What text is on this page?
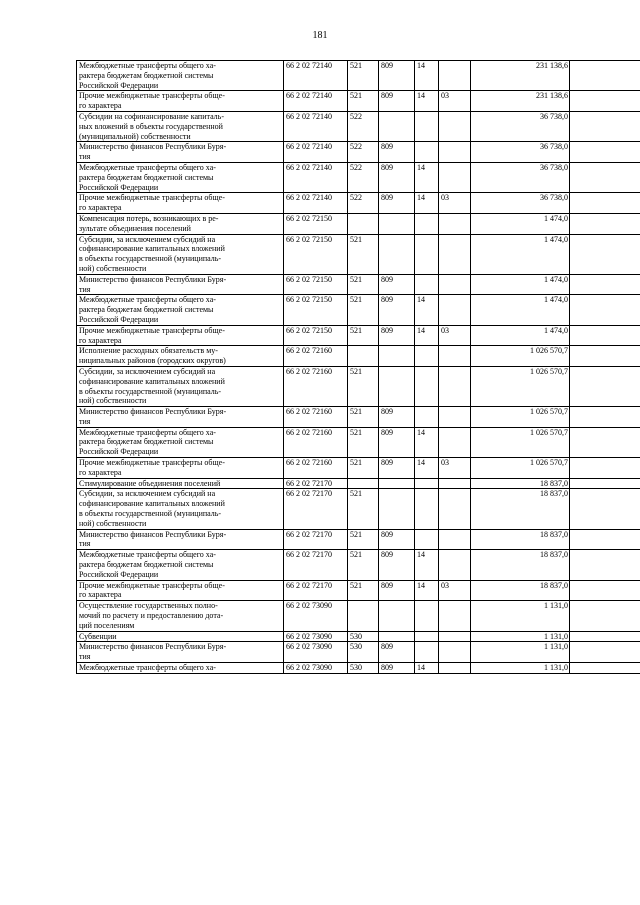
181
Межбюджетные трансферты общего ха-
рактера бюджетам бюджетной системы
Российской Федерации	66 2 02 72140	521	809	14		231 138,6	

Прочие межбюджетные трансферты обще-
го характера	66 2 02 72140	521	809	14	03	231 138,6	

Субсидии на софинансирование капиталь-
ных вложений в объекты государственной
(муниципальной) собственности	66 2 02 72140	522				36 738,0	

Министерство финансов Республики Буря-
тия	66 2 02 72140	522	809			36 738,0	

Межбюджетные трансферты общего ха-
рактера бюджетам бюджетной системы
Российской Федерации	66 2 02 72140	522	809	14		36 738,0	

Прочие межбюджетные трансферты обще-
го характера	66 2 02 72140	522	809	14	03	36 738,0	

Компенсация потерь, возникающих в ре-
зультате объединения поселений	66 2 02 72150					1 474,0	

Субсидии, за исключением субсидий на
софинансирование капитальных вложений
в объекты государственной (муниципаль-
ной) собственности	66 2 02 72150	521				1 474,0	

Министерство финансов Республики Буря-
тия	66 2 02 72150	521	809			1 474,0	

Межбюджетные трансферты общего ха-
рактера бюджетам бюджетной системы
Российской Федерации	66 2 02 72150	521	809	14		1 474,0	

Прочие межбюджетные трансферты обще-
го характера	66 2 02 72150	521	809	14	03	1 474,0	

Исполнение расходных обязательств му-
ниципальных районов (городских округов)	66 2 02 72160					1 026 570,7	

Субсидии, за исключением субсидий на
софинансирование капитальных вложений
в объекты государственной (муниципаль-
ной) собственности	66 2 02 72160	521				1 026 570,7	

Министерство финансов Республики Буря-
тия	66 2 02 72160	521	809			1 026 570,7	

Межбюджетные трансферты общего ха-
рактера бюджетам бюджетной системы
Российской Федерации	66 2 02 72160	521	809	14		1 026 570,7	

Прочие межбюджетные трансферты обще-
го характера	66 2 02 72160	521	809	14	03	1 026 570,7	

Стимулирование объединения поселений	66 2 02 72170					18 837,0	

Субсидии, за исключением субсидий на
софинансирование капитальных вложений
в объекты государственной (муниципаль-
ной) собственности	66 2 02 72170	521				18 837,0	

Министерство финансов Республики Буря-
тия	66 2 02 72170	521	809			18 837,0	

Межбюджетные трансферты общего ха-
рактера бюджетам бюджетной системы
Российской Федерации	66 2 02 72170	521	809	14		18 837,0	

Прочие межбюджетные трансферты обще-
го характера	66 2 02 72170	521	809	14	03	18 837,0	

Осуществление государственных полно-
мочий по расчету и предоставлению дота-
ций поселениям	66 2 02 73090					1 131,0	

Субвенции	66 2 02 73090	530				1 131,0	

Министерство финансов Республики Буря-
тия	66 2 02 73090	530	809			1 131,0	

Межбюджетные трансферты общего ха-	66 2 02 73090	530	809	14		1 131,0	
